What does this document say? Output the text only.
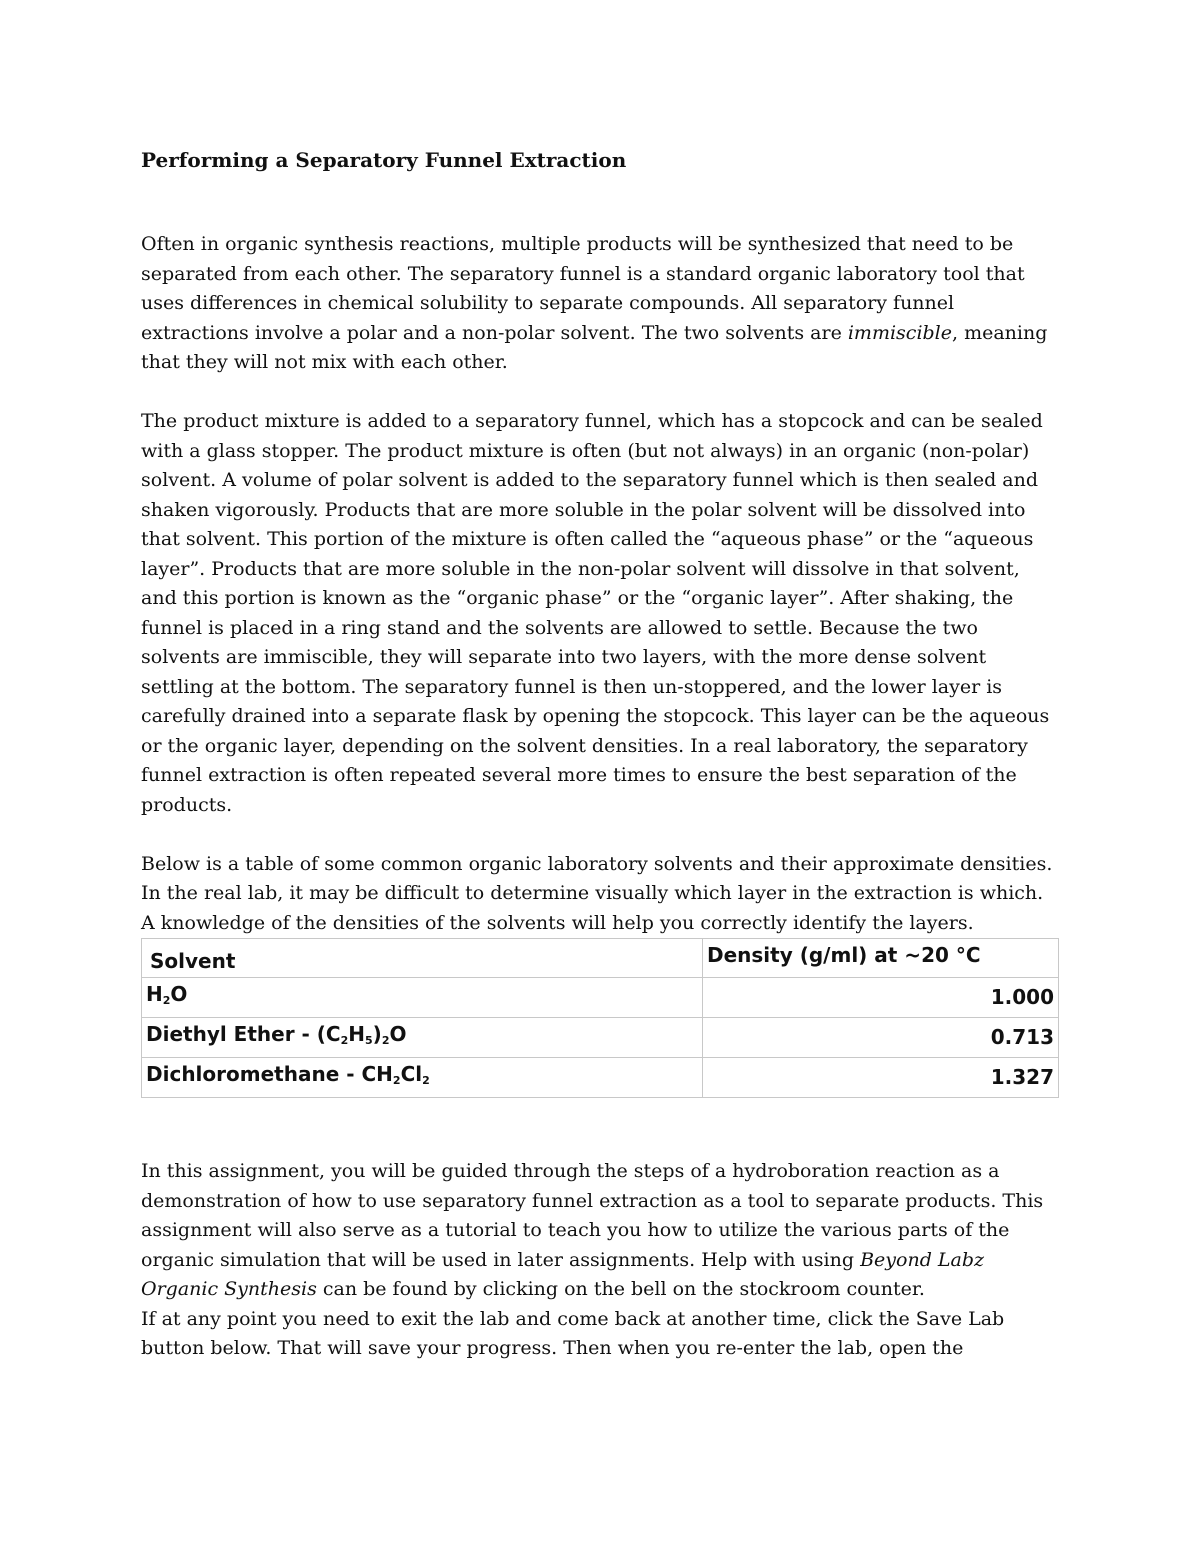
Performing a Separatory Funnel Extraction

Often in organic synthesis reactions, multiple products will be synthesized that need to be separated from each other. The separatory funnel is a standard organic laboratory tool that uses differences in chemical solubility to separate compounds. All separatory funnel extractions involve a polar and a non-polar solvent. The two solvents are immiscible, meaning that they will not mix with each other.

The product mixture is added to a separatory funnel, which has a stopcock and can be sealed with a glass stopper. The product mixture is often (but not always) in an organic (non-polar) solvent. A volume of polar solvent is added to the separatory funnel which is then sealed and shaken vigorously. Products that are more soluble in the polar solvent will be dissolved into that solvent. This portion of the mixture is often called the “aqueous phase” or the “aqueous layer”. Products that are more soluble in the non-polar solvent will dissolve in that solvent, and this portion is known as the “organic phase” or the “organic layer”. After shaking, the funnel is placed in a ring stand and the solvents are allowed to settle. Because the two solvents are immiscible, they will separate into two layers, with the more dense solvent settling at the bottom. The separatory funnel is then un-stoppered, and the lower layer is carefully drained into a separate flask by opening the stopcock. This layer can be the aqueous or the organic layer, depending on the solvent densities. In a real laboratory, the separatory funnel extraction is often repeated several more times to ensure the best separation of the products.

Below is a table of some common organic laboratory solvents and their approximate densities. In the real lab, it may be difficult to determine visually which layer in the extraction is which. A knowledge of the densities of the solvents will help you correctly identify the layers.

Solvent	Density (g/ml) at ~20 °C
$H_2O$	1.000
Diethyl Ether - $(C_2H_5)_2O$	0.713
Dichloromethane - $CH_2Cl_2$	1.327

In this assignment, you will be guided through the steps of a hydroboration reaction as a demonstration of how to use separatory funnel extraction as a tool to separate products. This assignment will also serve as a tutorial to teach you how to utilize the various parts of the organic simulation that will be used in later assignments. Help with using Beyond Labz Organic Synthesis can be found by clicking on the bell on the stockroom counter.

If at any point you need to exit the lab and come back at another time, click the Save Lab button below. That will save your progress. Then when you re-enter the lab, open the
